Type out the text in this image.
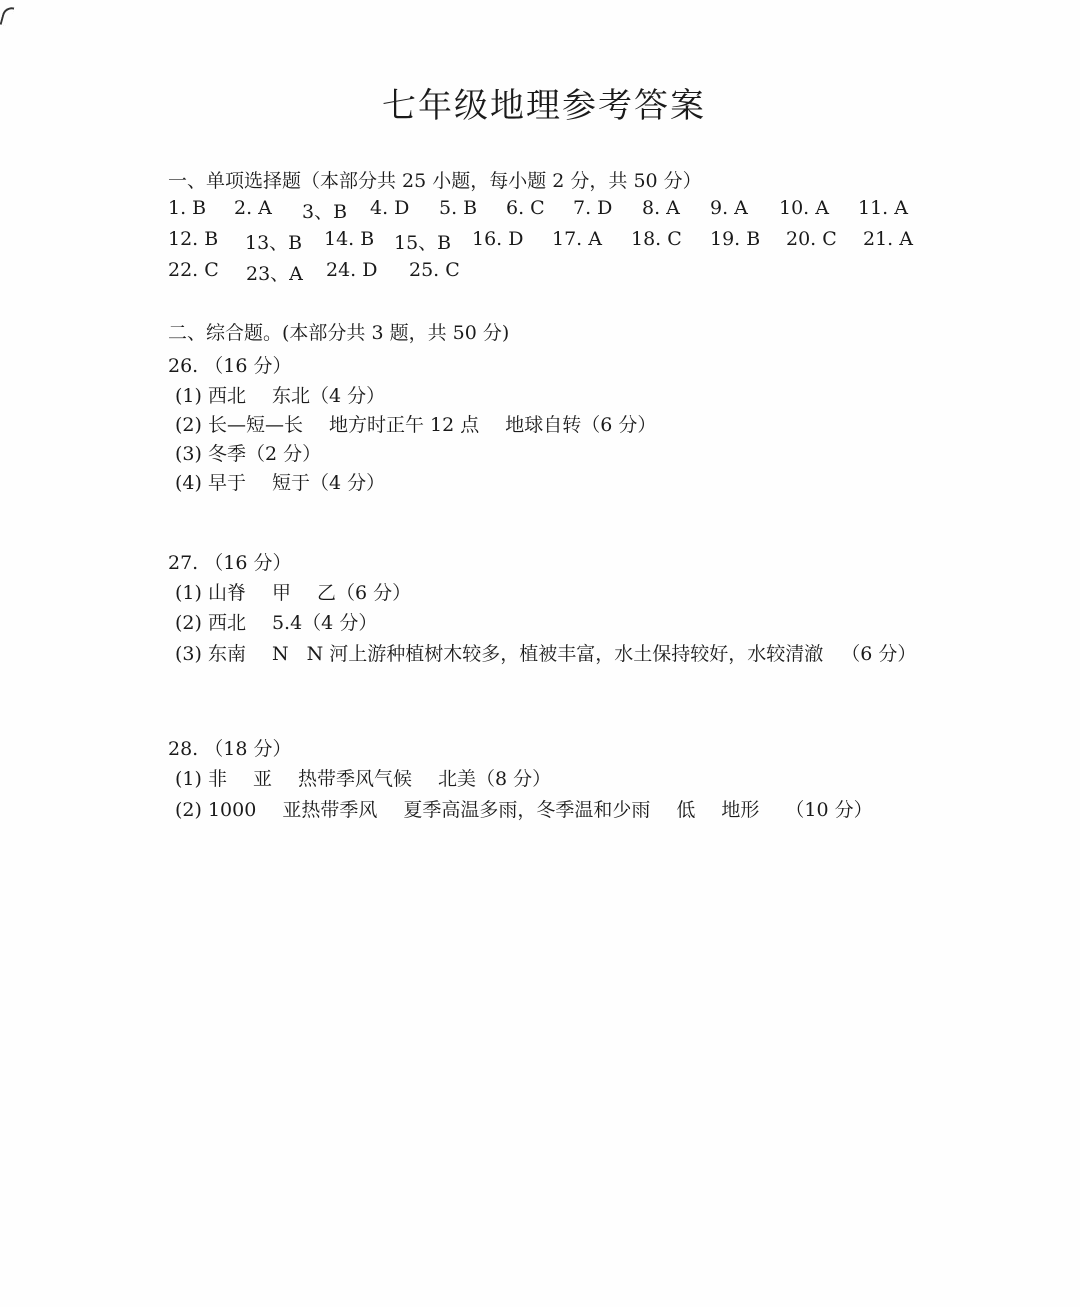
七年级地理参考答案
一、单项选择题（本部分共 25 小题，每小题 2 分，共 50 分）
1. B 2. A 3、B 4. D 5. B 6. C 7. D 8. A 9. A 10. A 11. A
12. B 13、B 14. B 15、B 16. D 17. A 18. C 19. B 20. C 21. A
22. C 23、A 24. D 25. C
二、综合题。(本部分共 3 题，共 50 分)
26. （16 分）
(1) 西北 东北（4 分）
(2) 长—短—长 地方时正午 12 点 地球自转（6 分）
(3) 冬季（2 分）
(4) 早于 短于（4 分）
27. （16 分）
(1) 山脊 甲 乙（6 分）
(2) 西北 5.4（4 分）
(3) 东南 N N 河上游种植树木较多，植被丰富，水土保持较好，水较清澈 （6 分）
28. （18 分）
(1) 非 亚 热带季风气候 北美（8 分）
(2) 1000 亚热带季风 夏季高温多雨，冬季温和少雨 低 地形 （10 分）
